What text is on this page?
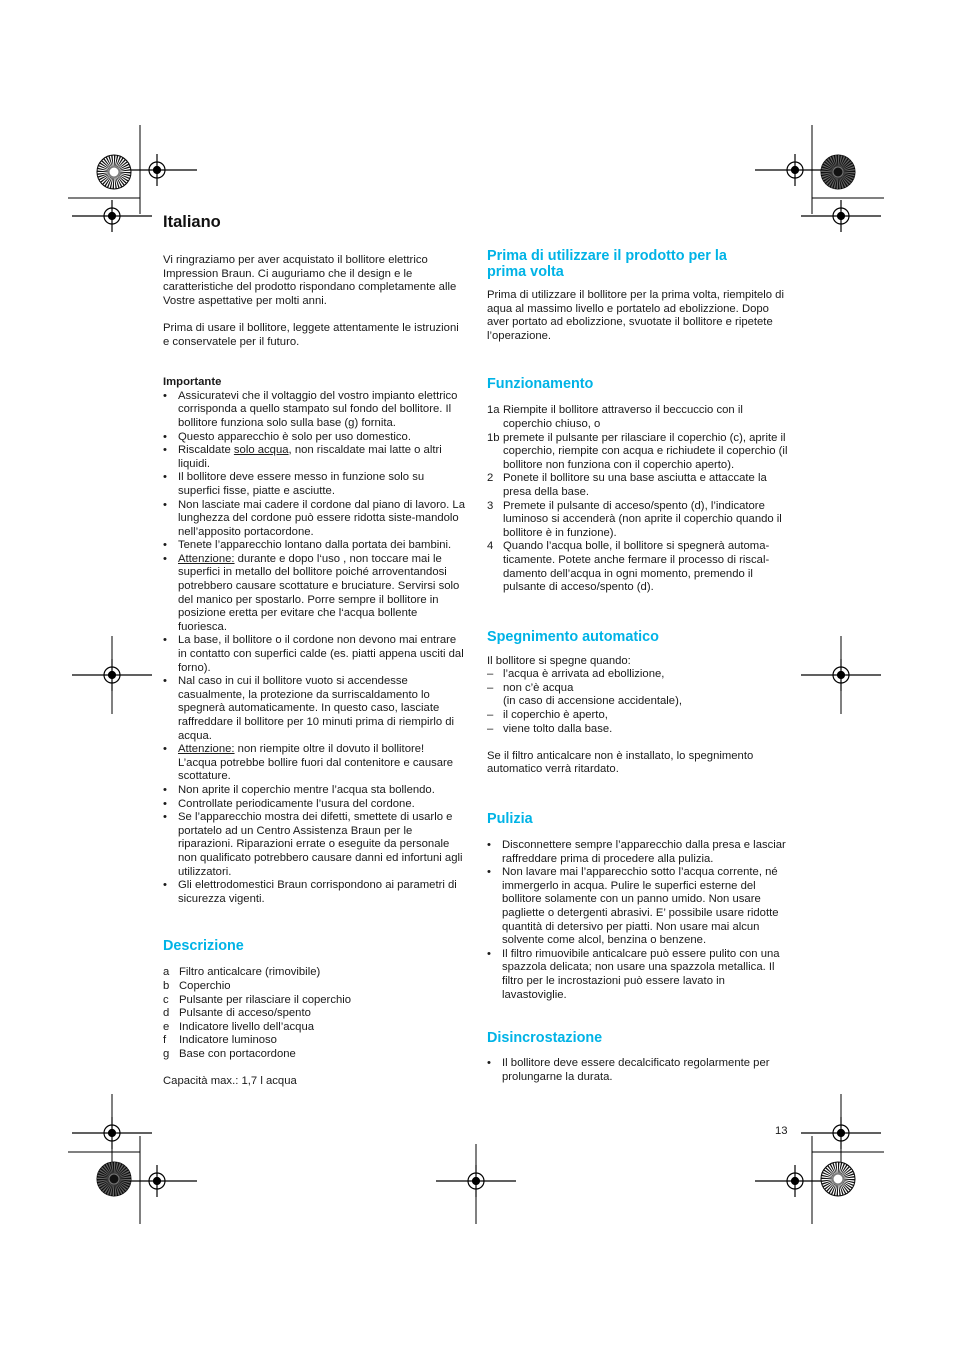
Italiano

Vi ringraziamo per aver acquistato il bollitore elettrico Impression Braun. Ci auguriamo che il design e le caratteristiche del prodotto rispondano completamente alle Vostre aspettative per molti anni.

Prima di usare il bollitore, leggete attentamente le istruzioni e conservatele per il futuro.

Importante

• Assicuratevi che il voltaggio del vostro impianto elettrico corrisponda a quello stampato sul fondo del bollitore. Il bollitore funziona solo sulla base (g) fornita.
• Questo apparecchio è solo per uso domestico.
• Riscaldate solo acqua, non riscaldate mai latte o altri liquidi.
• Il bollitore deve essere messo in funzione solo su superfici fisse, piatte e asciutte.
• Non lasciate mai cadere il cordone dal piano di lavoro. La lunghezza del cordone può essere ridotta siste-mandolo nell’apposito portacordone.
• Tenete l’apparecchio lontano dalla portata dei bambini.
• Attenzione: durante e dopo l‘uso , non toccare mai le superfici in metallo del bollitore poiché arroventandosi potrebbero causare scottature e bruciature. Servirsi solo del manico per spostarlo. Porre sempre il bollitore in posizione eretta per evitare che l‘acqua bollente fuoriesca.
• La base, il bollitore o il cordone non devono mai entrare in contatto con superfici calde (es. piatti appena usciti dal forno).
• Nal caso in cui il bollitore vuoto si accendesse casualmente, la protezione da surriscaldamento lo spegnerà automaticamente. In questo caso, lasciate raffreddare il bollitore per 10 minuti prima di riempirlo di acqua.
• Attenzione: non riempite oltre il dovuto il bollitore! L’acqua potrebbe bollire fuori dal contenitore e causare scottature.
• Non aprite il coperchio mentre l’acqua sta bollendo.
• Controllate periodicamente l’usura del cordone.
• Se l’apparecchio mostra dei difetti, smettete di usarlo e portatelo ad un Centro Assistenza Braun per le riparazioni. Riparazioni errate o eseguite da personale non qualificato potrebbero causare danni ed infortuni agli utilizzatori.
• Gli elettrodomestici Braun corrispondono ai parametri di sicurezza vigenti.
Descrizione
a Filtro anticalcare (rimovibile)
b Coperchio
c Pulsante per rilasciare il coperchio
d Pulsante di acceso/spento
e Indicatore livello dell’acqua
f	Indicatore luminoso
g Base con portacordone

Capacità max.: 1,7 l acqua

Prima di utilizzare il prodotto per la prima volta

Prima di utilizzare il bollitore per la prima volta, riempitelo di aqua al massimo livello e portatelo ad ebolizzione. Dopo aver portato ad ebolizzione, svuotate il bollitore e ripetete l’operazione.

Funzionamento
1a Riempite il bollitore attraverso il beccuccio con il coperchio chiuso, o
1b premete il pulsante per rilasciare il coperchio (c), aprite il coperchio, riempite con acqua e richiudete il coperchio (il bollitore non funziona con il coperchio aperto).
2 Ponete il bollitore su una base asciutta e attaccate la presa della base.
3 Premete il pulsante di acceso/spento (d), l’indicatore luminoso si accenderà (non aprite il coperchio quando il bollitore è in funzione).
4 Quando l’acqua bolle, il bollitore si spegnerà automa-ticamente. Potete anche fermare il processo di riscal-damento dell’acqua in ogni momento, premendo il pulsante di acceso/spento (d).
Spegnimento automatico

Il bollitore si spegne quando:

– l’acqua è arrivata ad ebollizione,
– non c’è acqua
(in caso di accensione accidentale),
– il coperchio è aperto,
– viene tolto dalla base.

Se il filtro anticalcare non è installato, lo spegnimento automatico verrà ritardato.

Pulizia
• Disconnettere sempre l’apparecchio dalla presa e lasciar raffreddare prima di procedere alla pulizia.
• Non lavare mai l’apparecchio sotto l’acqua corrente, né immergerlo in acqua. Pulire le superfici esterne del bollitore solamente con un panno umido. Non usare pagliette o detergenti abrasivi. E’ possibile usare ridotte quantità di detersivo per piatti. Non usare mai alcun solvente come alcol, benzina o benzene.
• Il filtro rimuovibile anticalcare può essere pulito con una spazzola delicata; non usare una spazzola metallica. Il filtro per le incrostazioni può essere lavato in lavastoviglie.
Disincrostazione
• Il bollitore deve essere decalcificato regolarmente per prolungarne la durata.
13
